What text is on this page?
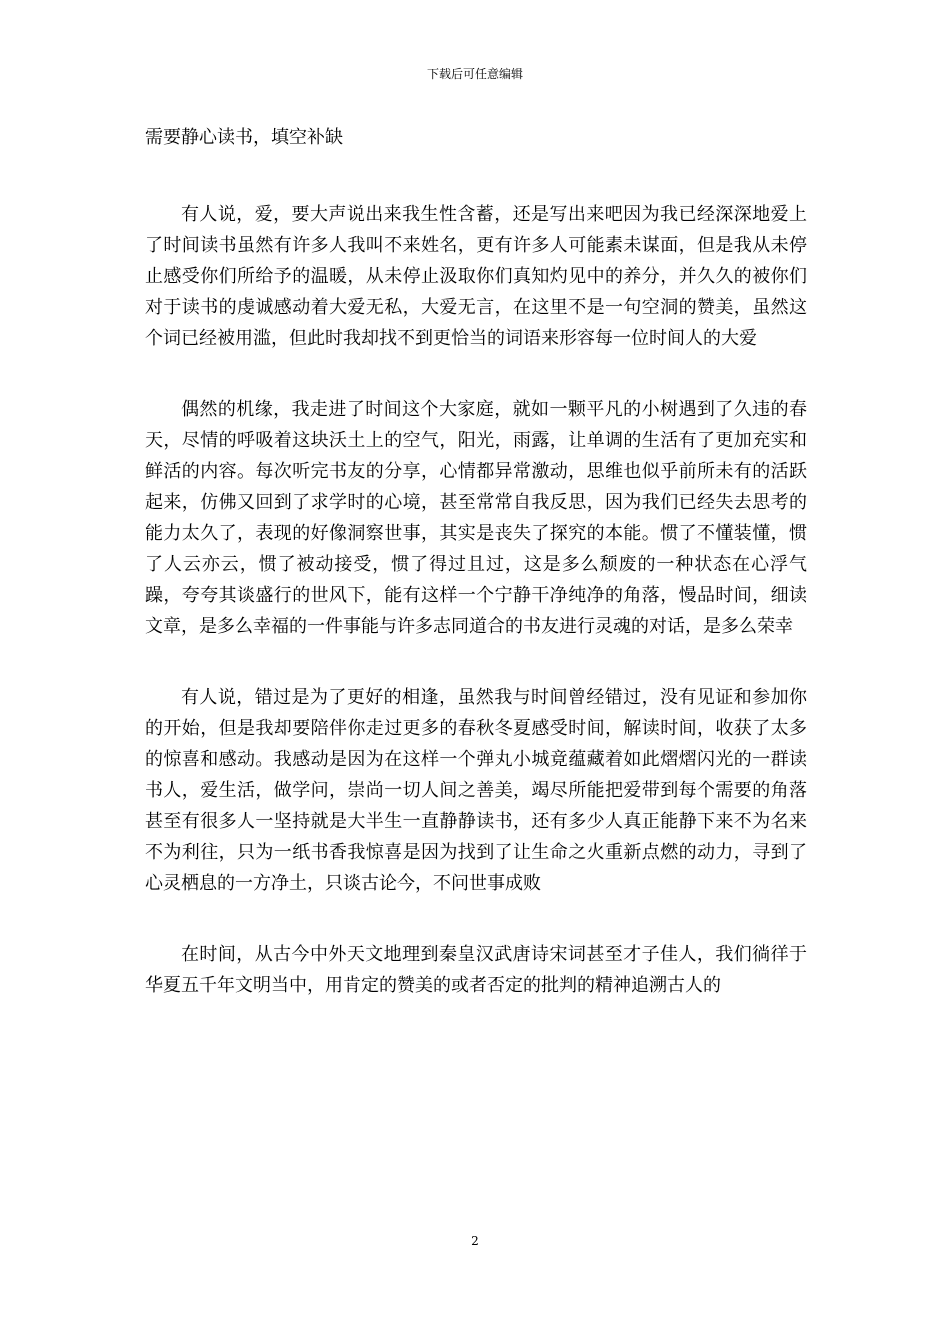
下载后可任意编辑
需要静心读书，填空补缺

有人说，爱，要大声说出来我生性含蓄，还是写出来吧因为我已经深深地爱上了时间读书虽然有许多人我叫不来姓名，更有许多人可能素未谋面，但是我从未停止感受你们所给予的温暖，从未停止汲取你们真知灼见中的养分，并久久的被你们对于读书的虔诚感动着大爱无私，大爱无言，在这里不是一句空洞的赞美，虽然这个词已经被用滥，但此时我却找不到更恰当的词语来形容每一位时间人的大爱

偶然的机缘，我走进了时间这个大家庭，就如一颗平凡的小树遇到了久违的春天，尽情的呼吸着这块沃土上的空气，阳光，雨露，让单调的生活有了更加充实和鲜活的内容。每次听完书友的分享，心情都异常激动，思维也似乎前所未有的活跃起来，仿佛又回到了求学时的心境，甚至常常自我反思，因为我们已经失去思考的能力太久了，表现的好像洞察世事，其实是丧失了探究的本能。惯了不懂装懂，惯了人云亦云，惯了被动接受，惯了得过且过，这是多么颓废的一种状态在心浮气躁，夸夸其谈盛行的世风下，能有这样一个宁静干净纯净的角落，慢品时间，细读文章，是多么幸福的一件事能与许多志同道合的书友进行灵魂的对话，是多么荣幸

有人说，错过是为了更好的相逢，虽然我与时间曾经错过，没有见证和参加你的开始，但是我却要陪伴你走过更多的春秋冬夏感受时间，解读时间，收获了太多的惊喜和感动。我感动是因为在这样一个弹丸小城竟蕴藏着如此熠熠闪光的一群读书人，爱生活，做学问，崇尚一切人间之善美，竭尽所能把爱带到每个需要的角落甚至有很多人一坚持就是大半生一直静静读书，还有多少人真正能静下来不为名来不为利往，只为一纸书香我惊喜是因为找到了让生命之火重新点燃的动力，寻到了心灵栖息的一方净土，只谈古论今，不问世事成败

在时间，从古今中外天文地理到秦皇汉武唐诗宋词甚至才子佳人，我们徜徉于华夏五千年文明当中，用肯定的赞美的或者否定的批判的精神追溯古人的

2
